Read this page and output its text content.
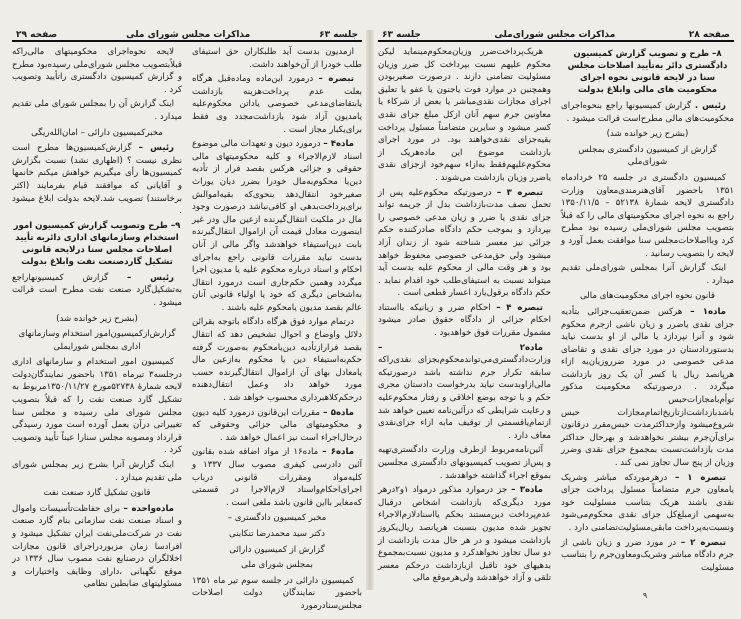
جلسه ۶۳
مذاکرات مجلس شورای ملی
صفحه ۲۹

ازمدیون بدست آید طلبکاران حق استیفای طلب خودرا از آن‌خواهند داشت.

تبصره – درمورد این‌ماده وماده‌قبل هرگاه بعلت عدم پرداخت‌هزینه بازداشت یابتقاضای‌مدعی خصوصی یاداتن محکوم‌علیه یامدیون آزاد شود بازداشت‌مجدد وی فقط برای‌یکبار مجاز است .

ماده۴ – درمورد دیون و تعهدات مالی موضوع اسناد لازم‌الاجراء و کلیه محکومیتهای مالی حقوقی و جزائی هرکس بقصد فرار از تأدیه دین‌یا محکوم‌به‌مال خودرا بضرر دیان یوراث صغیرخود انتقال‌دهد بنحوی‌که بقیه‌اموالش برای‌پرداخت‌بدهی او کافی‌نباشد درصورت وجود مال در ملکیت انتقال‌گیرنده ازعین مال ودر غیر اینصورت معادل قیمت آن ازاموال انتقال‌گیرنده بابت دین‌استیفاء خواهدشد واگر مالی از آنان بدست نیاید مقررات قانونی راجع به‌اجرای احکام و اسناد درباره محکوم علیه یا مدیون اجرا میگردد وهمین حکم‌جاری است درمورد انتقال به‌اشخاص دیگری که خود یا اولیاء قانونی آنان عالم بقصد مدیون یامحکوم علیه باشند .

درتمام موارد فوق هرگاه دادگاه باتوجه بقرائن دلائل واوضاع و احوال تشخیص دهد که انتقال بقصد فرارازتأدیه دین‌یامحکوم به‌صورت گرفته حکم‌به‌استیفاء دین یا محکوم به‌ازعین مال یامعادل بهای آن ازاموال انتقال‌گیرنده حسب مورد خواهد داد وعمل انتقال‌دهنده درحکم‌کلاهبرداری محسوب خواهد شد .

ماده۵ – مقررات این‌قانون درمورد کلیه دیون و محکومیتهای مالی جزائی وحقوقی که درحال‌اجراء است نیز اعمال خواهد شد .

ماده۶ – ماده۱۶ از مواد اضافه شده بقانون آئین دادرسی کیفری مصوب سال ۱۳۳۷ و کلیه‌مواد ومقررات قانونی درباب اجرای‌احکام‌واسناد لازم‌الاجرا در قسمتی که‌مغایر بااین قانون باشد ملغی است .

مخبر کمیسیون دادگستری –

دکتر سید محمدرضا تنکابنی

گزارش از کمیسیون دارائی

بمجلس شورای ملی

کمیسیون دارائی در جلسه سوم تیر ماه ۱۳۵۱ باحضور نمایندگان دولت اصلاحات مجلس‌سنادرمورد

لایحه نحوه‌اجرای محکومیتهای مالی‌راکه قبلاًبتصویب مجلس شورای‌ملی رسیده‌بود مطرح و گزارش کمیسیون دادگستری راتأیید وتصویب کرد .

اینک گزارش آن را بمجلس شورای ملی تقدیم میدارد .

مخبرکمیسیون دارائی – امان‌الله‌ریگی

رئیس – گزارش‌کمیسیون‌ها مطرح است نظری نیست ؟ (اظهاری نشد) نسبت بگزارش کمیسیون‌ها رأی میگیریم خواهش میکنم خانمها و آقایانی که موافقند قیام بفرمایند (اکثر برخاستند) تصویب شد.لایحه بدولت ابلاغ میشود .

۹– طرح وتصویب گزارش کمیسیون امور استخدام وسازمانهای اداری دائربه تأیید اصلاحات مجلس سنا درلایحه قانونی تشکیل گاردصنعت نفت وابلاغ بدولت

رئیس – گزارش کمیسیونهاراجع به‌تشکیل‌گارد صنعت نفت مطرح است قرائت میشود .

(بشرح زیر خوانده شد)

گزارش‌ازکمیسیون‌امور استخدام وسازمانهای اداری بمجلس شورایملی

کمیسیون امور استخدام و سازمانهای اداری درجلسه۳ تیرماه ۱۳۵۱ باحضور نمایندگان‌دولت لایحه شمارهٔ ۵۲۷۳۸مورخ ۱۳۵۰/۱۱/۲۷مربوط به تشکیل گارد صنعت نفت را که قبلاً بتصویب مجلس شورای ملی رسیده و مجلس سنا تغییراتی درآن بعمل آورده است مورد رسیدگی قرارداد ومصوبه مجلس سنارا عیناً تأیید وتصویب کرد .

اینک گزارش آنرا بشرح زیر بمجلس شورای ملی تقدیم میدارد .

قانون تشکیل گارد صنعت نفت

ماده‌واحده – برای حفاظت‌تأسیسات واموال و اسناد صنعت نفت سازمانی بنام گارد صنعت نفت در شرکت‌ملی‌نفت ایران تشکیل میشود و افرادسا زمان مزبوردراجرای قانون مجازات اخلالگران درصنایع نفت مصوب سال ۱۳۳۶ در موقع نگهبانی ،دارای وظایف واختیارات و مسئولیتهای ضابطین نظامی

صفحه ۲۸
مذاکرات مجلس شورای‌ملی
جلسه ۶۳

۸– طرح و تصویب گزارش کمیسیون دادگستری دائر به‌تأیید اصلاحات مجلس سنا در لایحه قانونی نحوه اجرای محکومیت های مالی وابلاغ بدولت

رئیس . گزارش کمیسیونها راجع بنحوه‌اجرای محکومیت‌های مالی مطرح‌است قرائت میشود .

(بشرح زیر خوانده شد)

گزارش از کمیسیون دادگستری بمجلس شورای‌ملی

کمیسیون دادگستری در جلسه ۲۵ خردادماه ۱۳۵۱ باحضور آقای‌هنرمندی‌معاون وزارت دادگستری لایحه شمارهٔ ۵۲۱۳۸ – ۱۳۵۰/۱۱/۵ راجع به نحوه اجرای محکومیتهای مالی را که قبلاً بتصویب مجلس شورای‌ملی رسیده بود مطرح کرد وبااصلاحات‌مجلس سنا موافقت بعمل آورد و لایحه را بتصویب رسانید .

اینک گزارش آنرا بمجلس شورای‌ملی تقدیم میدارد .

قانون نحوه اجرای محکومیت‌های مالی

ماده۱ – هرکس ضمن‌تعقیب‌جزائی بتأدیه جزای نقدی یاضرر و زیان ناشی ازجرم محکوم شود و آنرا نپردازد یا مالی از او بدست نیاید بدستوردادستان در مورد جزای نقدی و تقاضای مدعی خصوصی در مورد ضرروزیان‌به ازاء هرپانصد ریال یا کسر آن یک روز بازداشت میگردد . درصورتیکه محکومیت مذکور توأم‌بامجازات‌حبس باشدبازداشت‌ازتاریخ‌اتمام‌مجازات حبس شروع‌میشود وازحداکثرمدت حبس‌مقرر درقانون برای‌آن‌جرم بیشتر نخواهدشد و بهرحال حداکثر مدت بازداشت‌نسبت بمجموع جزای نقدی وضرر وزیان از پنج سال تجاوز نمی کند .

تبصره ۱ – درهرموردکه مباشر وشریک یامعاون جرم متضامناً مسئول پرداخت جزای نقدی باشند هریک بتناسب مسئولیت خود به‌سهمی ازمبلغ‌کل جزای نقدی محکوم‌می‌شود ونسبت‌به‌پرداخت مابقی‌مسئولیت‌تضامنی دارد .

تبصره ۲ – در مورد ضرر و زیان ناشی از جرم دادگاه مباشر وشریک‌ومعاون‌جرم را بتناسب مسئولیت

هریک‌پرداخت‌ضرر وزیان‌محکوم‌مینماید لیکن محکوم علیهم نسبت بپرداخت کل ضرر وزیان مسئولیت تضامنی دارند . درصورت صغیربودن وهمچنین در موارد فوت یاجنون یا عفو یا تعلیق اجرای مجازات نقدی‌مباشر یا بعض از شرکاء یا معاونین جرم سهم آنان ازکل مبلغ جزای نقدی کسر میشود و سایرین متضامناً مسئول پرداخت بقیه‌جزای نقدی‌خواهند بود. در مورد اجرای بازداشت موضوع این ماده‌هریک از محکوم‌علیهم‌فقط به‌ازاء سهم‌خود ازجزای نقدی یاضرر وزیان بازداشت می‌شوند .

تبصره ۳ – درصورتیکه محکوم‌علیه پس از تحمل نصف مدت‌بازداشت بدل از جریمه تواند جزای نقدی یا ضرر و زیان مدعی خصوصی را بپردازد و بموجب حکم دادگاه صادرکننده حکم جزائی نیز معسر شناخته شود از زندان آزاد میشود ولی حق‌مدعی خصوصی محفوظ خواهد بود و هر وقت مالی از محکوم علیه بدست آید میتواند نسبت به استیفای‌طلب خود اقدام نماید . حکم دادگاه برقول‌یارد اعسار قطعی است .

تبصره ۴ – احکام ضرر و زیانیکه بااستناد احکام جزائی از دادگاه حقوق صادر میشود مشمول مقررات فوق خواهدبود .

ماده۲ – وزارت‌دادگستری‌می‌تواندمحکوم‌بجزای نقدی‌راکه سابقه تکرار جرم نداشته باشد درصورتیکه مالی‌ازاوبدست نیاید بدرخواست دادستان مجری حکم و با توجه بوضع اخلاقی و رفتار محکوم‌علیه و رعایت شرایطی که درآئین‌نامه تعیین خواهد شد ازتمام‌یاقسمتی از توقیف مابه ازاء جزای‌نقدی معاف دارد .

آئین‌نامه‌مربوط ازطرف وزارت دادگستری‌تهیه و پس‌از تصویب کمیسیونهای دادگستری مجلسین بموقع اجراء گذاشته خواهدشد .

ماده۳ – جز درموارد مذکور درمواد ۱و۲درهر مورد دیگری‌که بازداشت اشخاص درقبال عدم‌پرداخت دین‌مستند بحکم یااسنادلازم‌الاجراء تجویز شده مدیون بنسبت هرپانصد ریال‌یکروز بازداشت میشود و در هر حال مدت بازداشت از دو سال تجاوز نخواهدکرد و مدیون نسبت‌بمجموع بدهیهای خود تاقبل ازبازداشت درحکم معسر تلقی و آزاد خواهدشد ولی‌هرموقع مالی

۹
